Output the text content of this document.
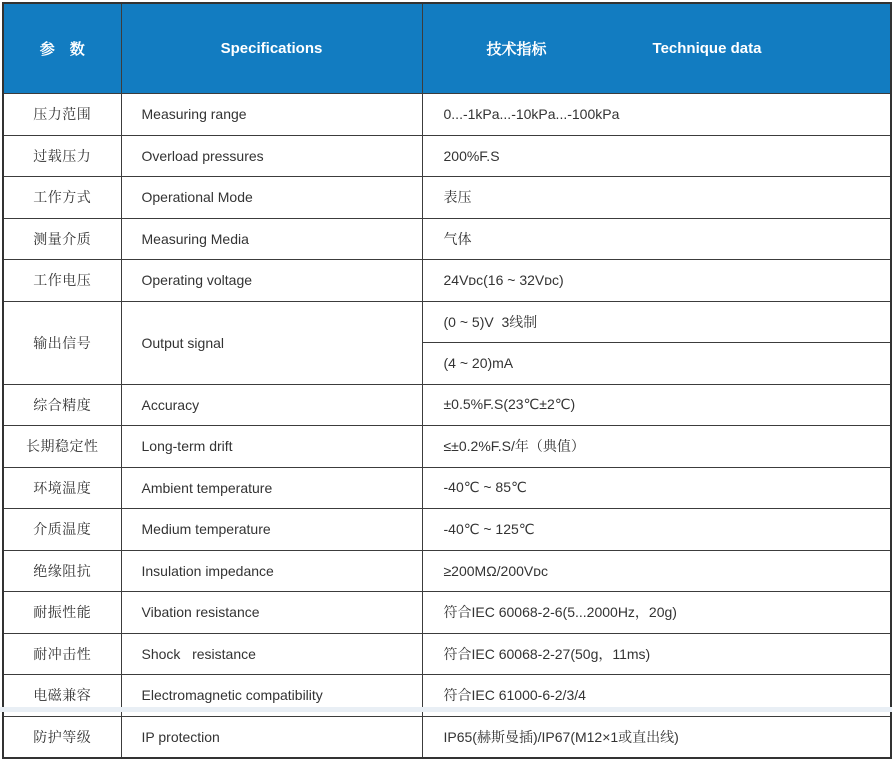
参　数	Specifications	技术指标 Technique data

压力范围	Measuring range	0...-1kPa...-10kPa...-100kPa
过载压力	Overload pressures	200%F.S
工作方式	Operational Mode	表压
测量介质	Measuring Media	气体
工作电压	Operating voltage	24Vᴅᴄ(16 ~ 32Vᴅᴄ)
输出信号	Output signal	(0 ~ 5)V  3线制
		(4 ~ 20)mA
综合精度	Accuracy	±0.5%F.S(23℃±2℃)
长期稳定性	Long-term drift	≤±0.2%F.S/年（典值）
环境温度	Ambient temperature	-40℃ ~ 85℃
介质温度	Medium temperature	-40℃ ~ 125℃
绝缘阻抗	Insulation impedance	≥200MΩ/200Vᴅᴄ
耐振性能	Vibation resistance	符合IEC 60068-2-6(5...2000Hz，20g)
耐冲击性	Shock   resistance	符合IEC 60068-2-27(50g，11ms)
电磁兼容	Electromagnetic compatibility	符合IEC 61000-6-2/3/4
防护等级	IP protection	IP65(赫斯曼插)/IP67(M12×1或直出线)
